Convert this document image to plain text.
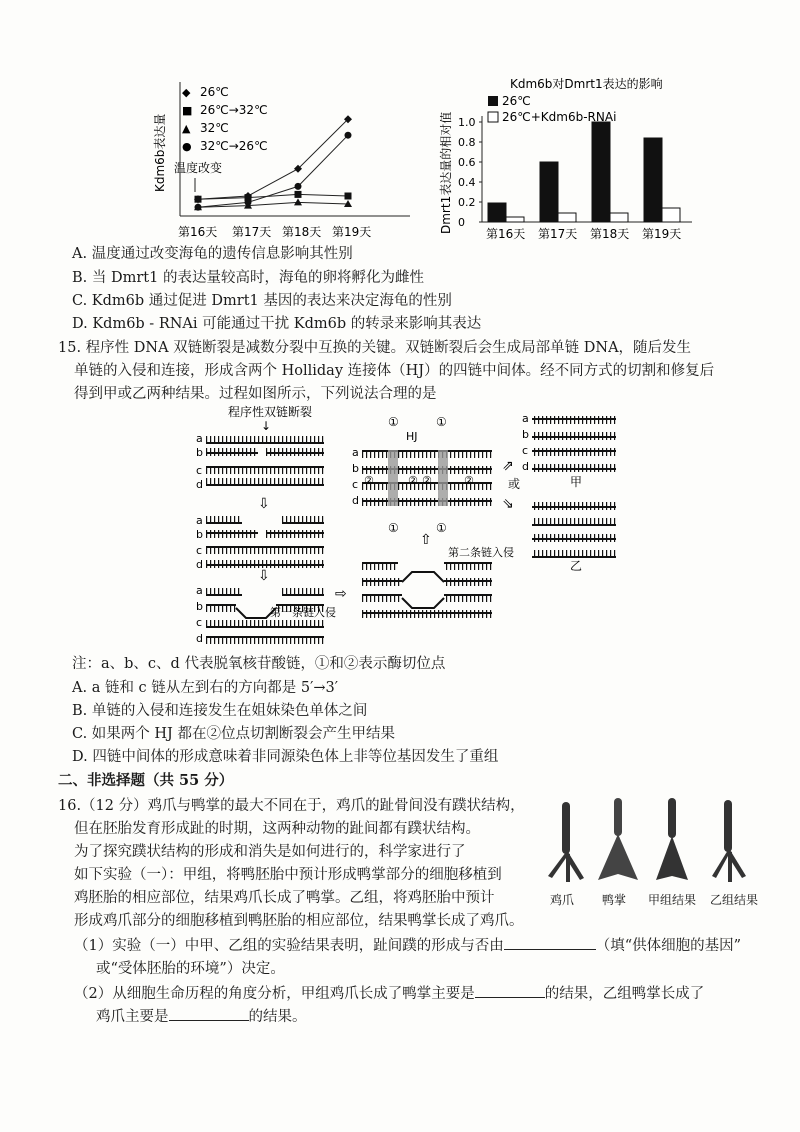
Kdm6b表达量 温度改变
第16天 第17天 第18天 第19天
◆ 26℃
■ 26℃→32℃
▲ 32℃
● 32℃→26℃
Kdm6b对Dmrt1表达的影响
Dmrt1表达量的相对值 0
0.2
0.4
0.6
0.8
1.0
第16天 第17天 第18天 第19天
26℃
26℃+Kdm6b-RNAi
A. 温度通过改变海龟的遗传信息影响其性别
B. 当 Dmrt1 的表达量较高时，海龟的卵将孵化为雌性
C. Kdm6b 通过促进 Dmrt1 基因的表达来决定海龟的性别
D. Kdm6b - RNAi 可能通过干扰 Kdm6b 的转录来影响其表达
15. 程序性 DNA 双链断裂是减数分裂中互换的关键。双链断裂后会生成局部单链 DNA，随后发生
单链的入侵和连接，形成含两个 Holliday 连接体（HJ）的四链中间体。经不同方式的切割和修复后
得到甲或乙两种结果。过程如图所示，下列说法合理的是
程序性双链断裂
↓
a
b
c
d
⇩
a
b
c
d
⇩
a
b
c
d
第一条链入侵
a
b
c
d
①	①
HJ
②	② ②	②
①	①
⇧
⇨
第二条链入侵
⇗
或
⇘
a
b
c
d
甲
乙
注：a、b、c、d 代表脱氧核苷酸链，①和②表示酶切位点
A. a 链和 c 链从左到右的方向都是 5′→3′
B. 单链的入侵和连接发生在姐妹染色单体之间
C. 如果两个 HJ 都在②位点切割断裂会产生甲结果
D. 四链中间体的形成意味着非同源染色体上非等位基因发生了重组
二、非选择题（共 55 分）
16.（12 分）鸡爪与鸭掌的最大不同在于，鸡爪的趾骨间没有蹼状结构，
但在胚胎发育形成趾的时期，这两种动物的趾间都有蹼状结构。
为了探究蹼状结构的形成和消失是如何进行的，科学家进行了
如下实验（一）：甲组，将鸭胚胎中预计形成鸭掌部分的细胞移植到
鸡胚胎的相应部位，结果鸡爪长成了鸭掌。乙组，将鸡胚胎中预计
形成鸡爪部分的细胞移植到鸭胚胎的相应部位，结果鸭掌长成了鸡爪。
鸡爪 鸭掌 甲组结果 乙组结果
（1）实验（一）中甲、乙组的实验结果表明，趾间蹼的形成与否由	（填“供体细胞的基因”
或“受体胚胎的环境”）决定。
（2）从细胞生命历程的角度分析，甲组鸡爪长成了鸭掌主要是	的结果，乙组鸭掌长成了
鸡爪主要是	的结果。
